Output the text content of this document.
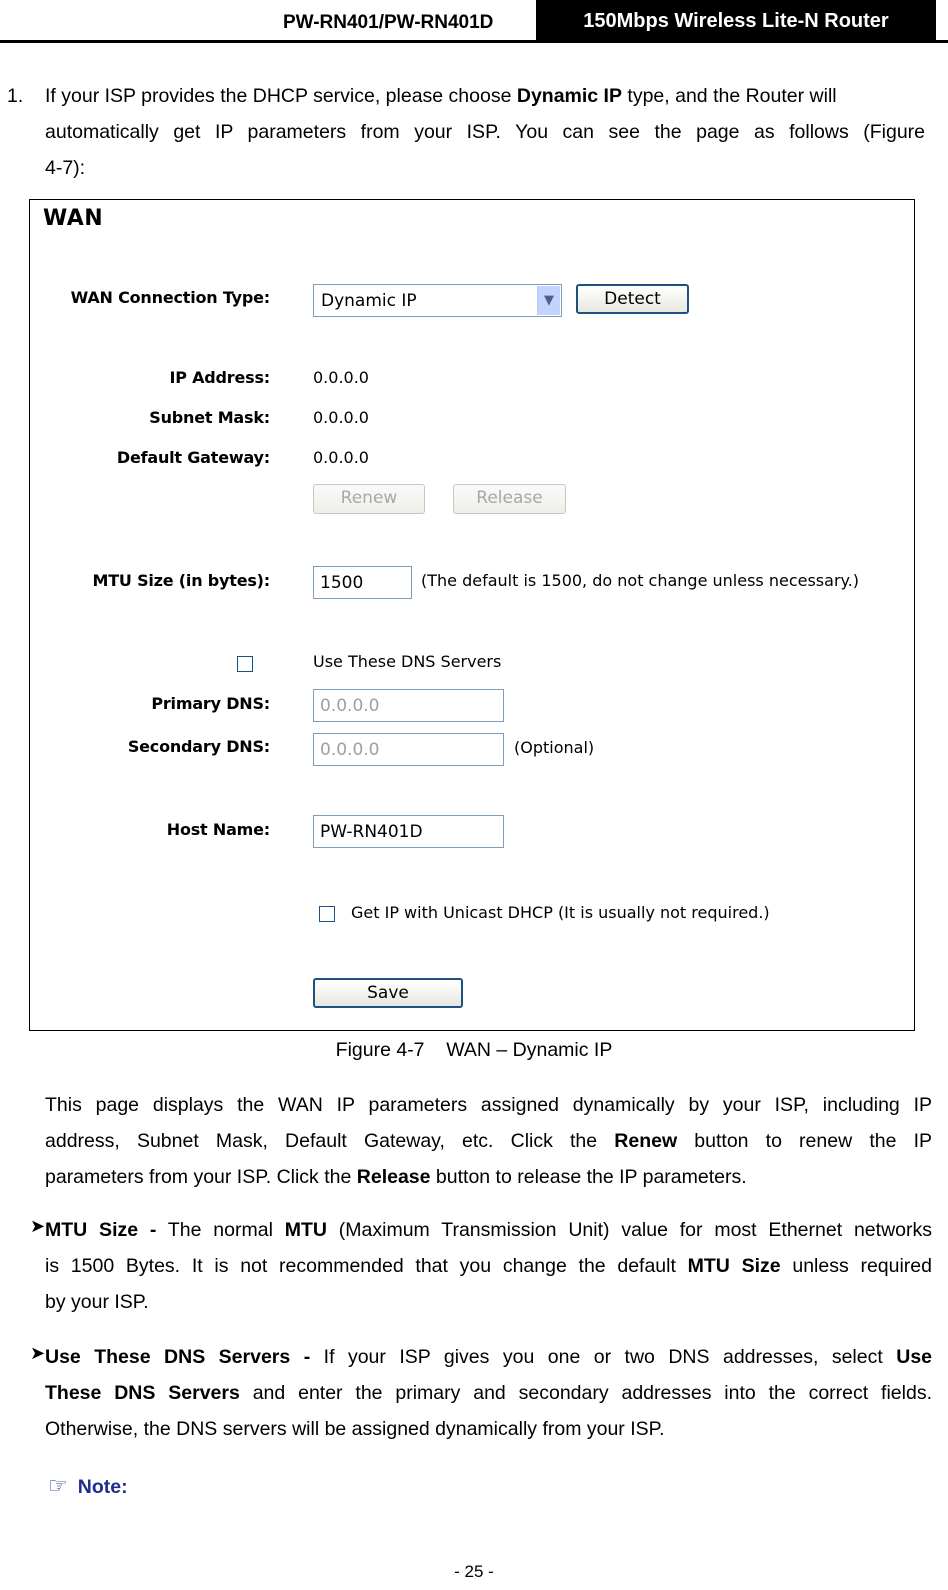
PW-RN401/PW-RN401D	150Mbps Wireless Lite-N Router
1. If your ISP provides the DHCP service, please choose Dynamic IP type, and the Router will
automatically get IP parameters from your ISP. You can see the page as follows (Figure
4-7):
WAN
WAN Connection Type:	Dynamic IP	▼	Detect
IP Address:	0.0.0.0
Subnet Mask:	0.0.0.0
Default Gateway:	0.0.0.0
Renew	Release
MTU Size (in bytes):	1500	(The default is 1500, do not change unless necessary.)
Use These DNS Servers
Primary DNS:	0.0.0.0
Secondary DNS:	0.0.0.0	(Optional)
Host Name:	PW-RN401D
Get IP with Unicast DHCP (It is usually not required.)
Save
Figure 4-7    WAN – Dynamic IP
This page displays the WAN IP parameters assigned dynamically by your ISP, including IP
address, Subnet Mask, Default Gateway, etc. Click the Renew button to renew the IP
parameters from your ISP. Click the Release button to release the IP parameters.
➤ MTU Size - The normal MTU (Maximum Transmission Unit) value for most Ethernet networks
is 1500 Bytes. It is not recommended that you change the default MTU Size unless required
by your ISP.
➤ Use These DNS Servers - If your ISP gives you one or two DNS addresses, select Use
These DNS Servers and enter the primary and secondary addresses into the correct fields.
Otherwise, the DNS servers will be assigned dynamically from your ISP.
☞ Note:
- 25 -
